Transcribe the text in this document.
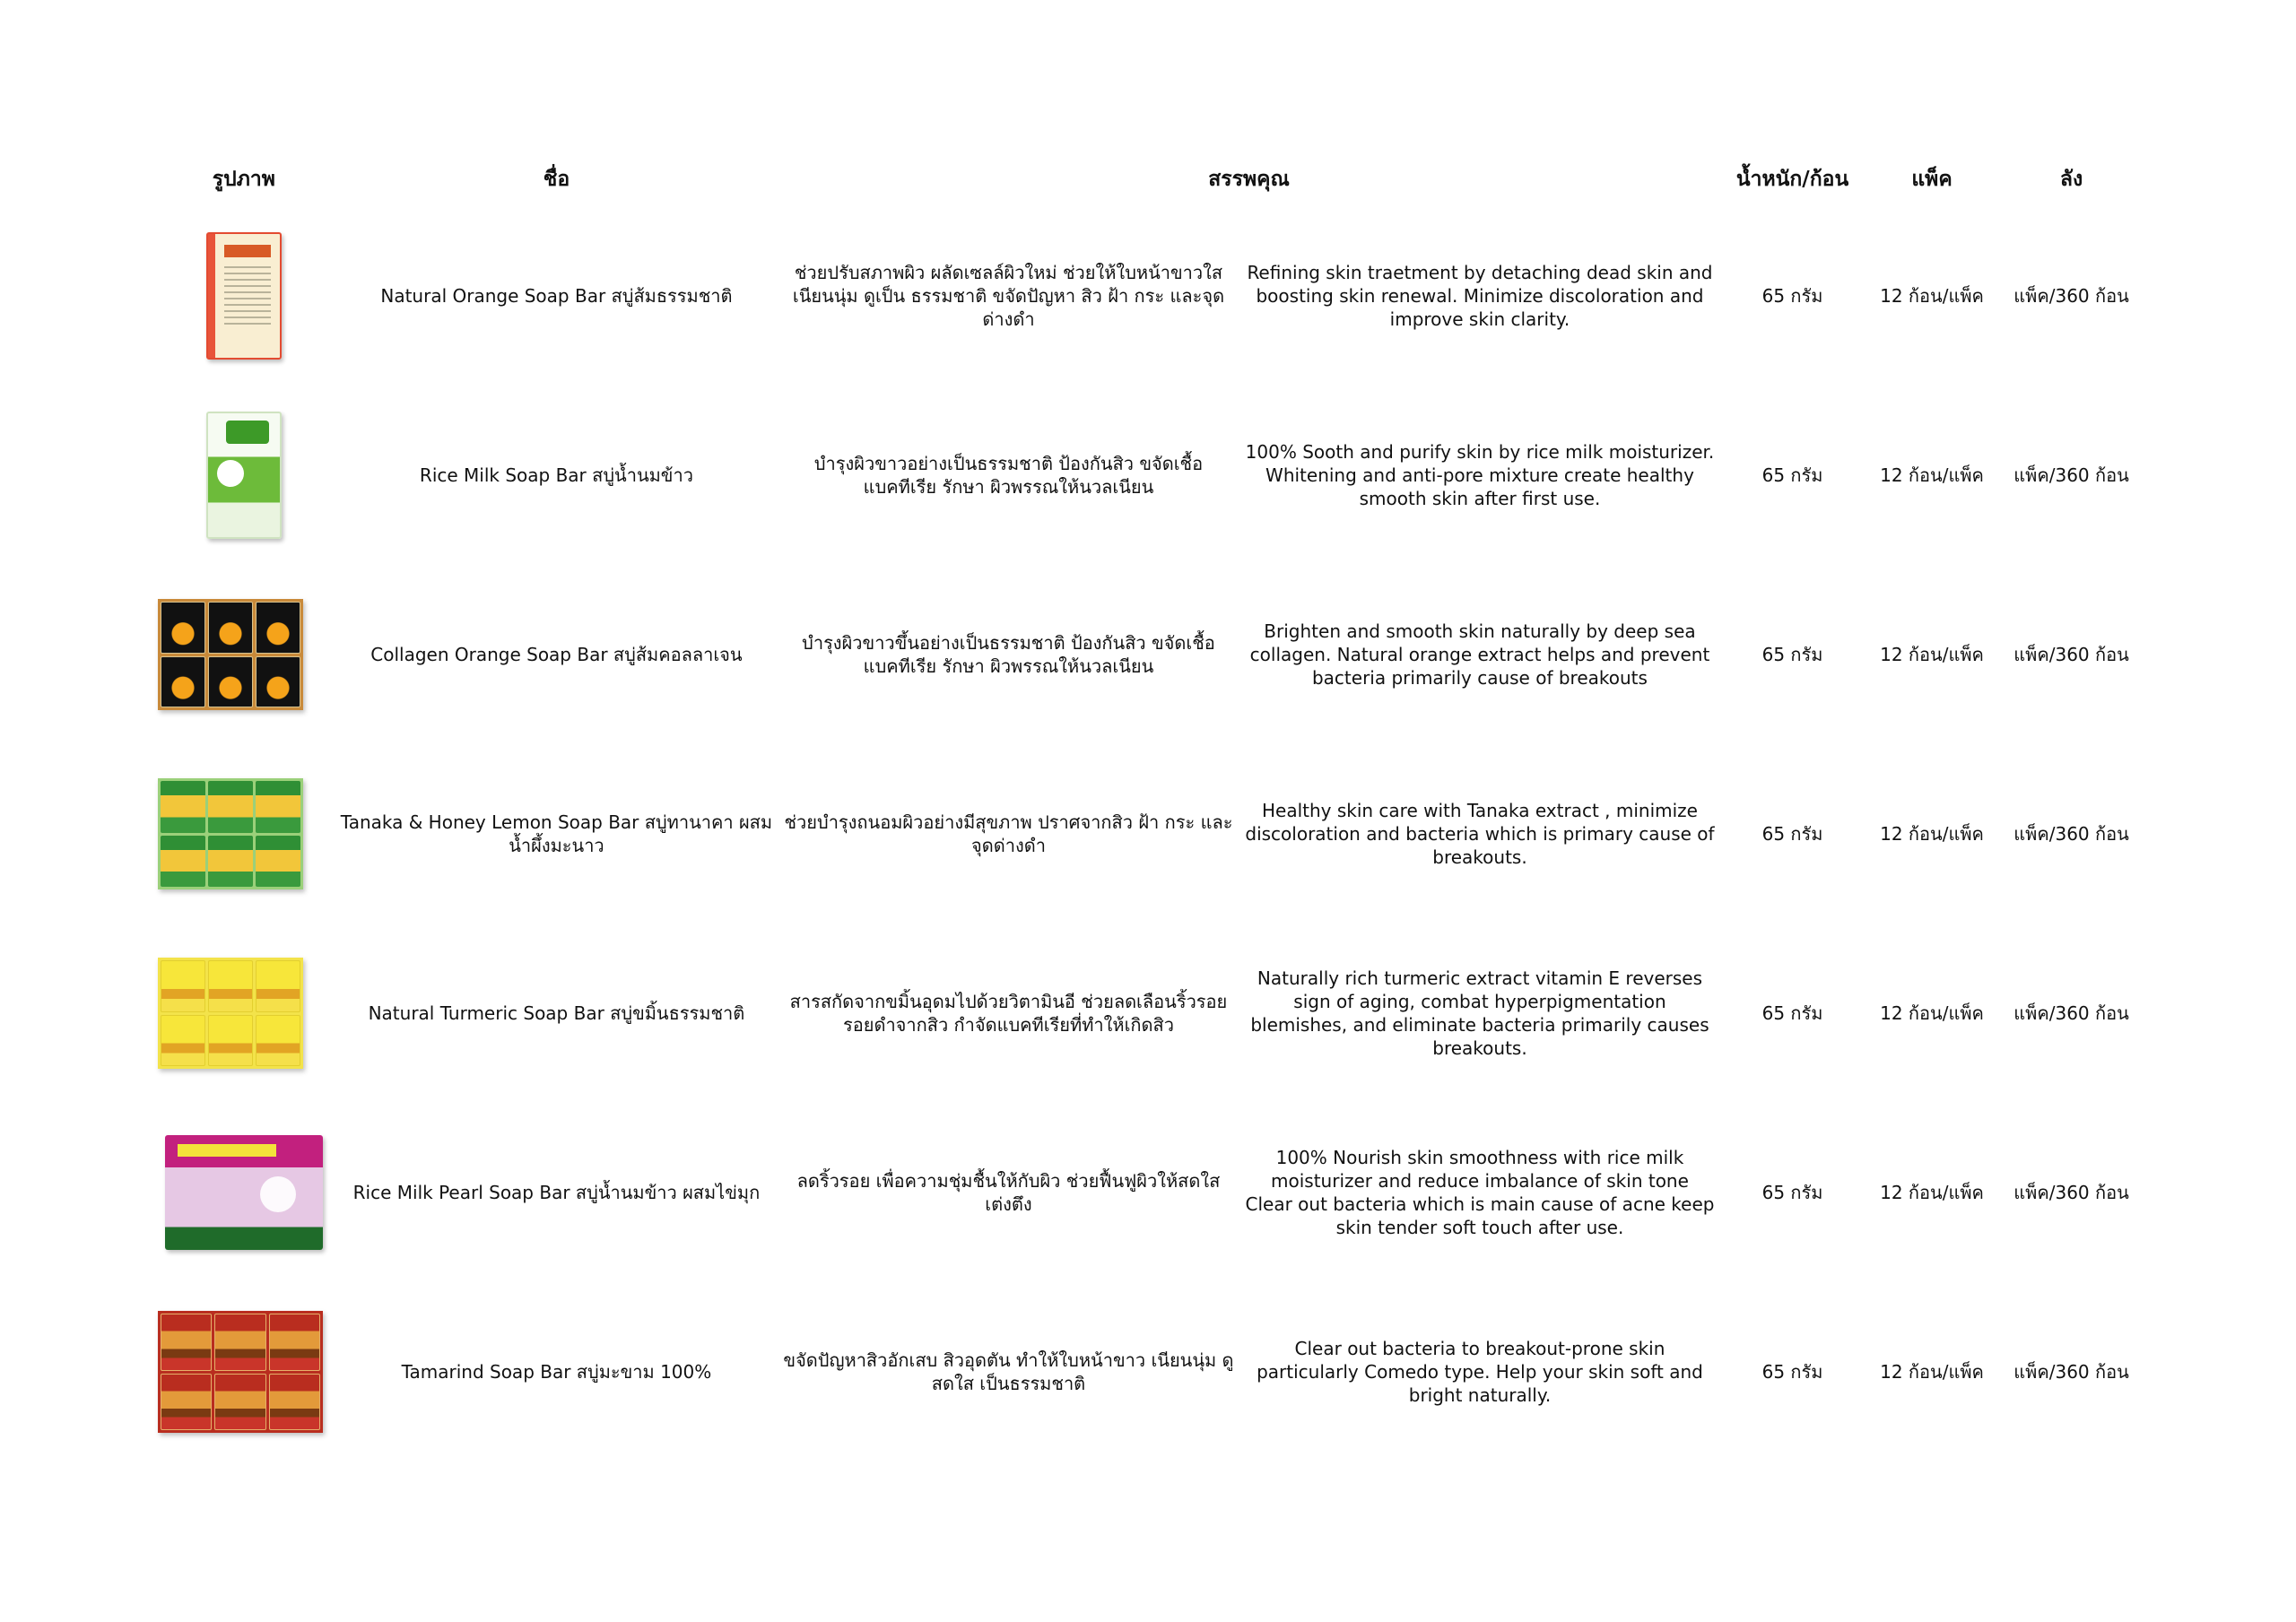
รูปภาพ	ชื่อ	สรรพคุณ		น้ำหนัก/ก้อน	แพ็ค	ลัง
	Natural Orange Soap Bar สบู่ส้มธรรมชาติ	ช่วยปรับสภาพผิว ผลัดเซลล์ผิวใหม่ ช่วยให้ใบหน้าขาวใสเนียนนุ่ม ดูเป็น ธรรมชาติ ขจัดปัญหา สิว ฝ้า กระ และจุดด่างดำ	Refining skin traetment by detaching dead skin and boosting skin renewal. Minimize discoloration and improve skin clarity.	65 กรัม	12 ก้อน/แพ็ค	แพ็ค/360 ก้อน
	Rice Milk Soap Bar สบู่น้ำนมข้าว	บำรุงผิวขาวอย่างเป็นธรรมชาติ ป้องกันสิว ขจัดเชื้อแบคทีเรีย รักษา ผิวพรรณให้นวลเนียน	100% Sooth and purify skin by rice milk moisturizer. Whitening and anti-pore mixture create healthy smooth skin after first use.	65 กรัม	12 ก้อน/แพ็ค	แพ็ค/360 ก้อน

	Collagen Orange Soap Bar สบู่ส้มคอลลาเจน	บำรุงผิวขาวขึ้นอย่างเป็นธรรมชาติ ป้องกันสิว ขจัดเชื้อแบคทีเรีย รักษา ผิวพรรณให้นวลเนียน	Brighten and smooth skin naturally by deep sea collagen. Natural orange extract helps and prevent bacteria primarily cause of breakouts	65 กรัม	12 ก้อน/แพ็ค	แพ็ค/360 ก้อน

	Tanaka & Honey Lemon Soap Bar สบู่ทานาคา ผสมน้ำผึ้งมะนาว	ช่วยบำรุงถนอมผิวอย่างมีสุขภาพ ปราศจากสิว ฝ้า กระ และจุดด่างดำ	Healthy skin care with Tanaka extract , minimize discoloration and bacteria which is primary cause of breakouts.	65 กรัม	12 ก้อน/แพ็ค	แพ็ค/360 ก้อน

	Natural Turmeric Soap Bar สบู่ขมิ้นธรรมชาติ	สารสกัดจากขมิ้นอุดมไปด้วยวิตามินอี ช่วยลดเลือนริ้วรอย รอยดำจากสิว กำจัดแบคทีเรียที่ทำให้เกิดสิว	Naturally rich turmeric extract vitamin E reverses sign of aging, combat hyperpigmentation blemishes, and eliminate bacteria primarily causes breakouts.	65 กรัม	12 ก้อน/แพ็ค	แพ็ค/360 ก้อน
	Rice Milk Pearl Soap Bar สบู่น้ำนมข้าว ผสมไข่มุก	ลดริ้วรอย เพื่อความชุ่มชื้นให้กับผิว ช่วยฟื้นฟูผิวให้สดใส เต่งตึง	100% Nourish skin smoothness with rice milk moisturizer and reduce imbalance of skin tone Clear out bacteria which is main cause of acne keep skin tender soft touch after use.	65 กรัม	12 ก้อน/แพ็ค	แพ็ค/360 ก้อน

	Tamarind Soap Bar สบู่มะขาม 100%	ขจัดปัญหาสิวอักเสบ สิวอุดตัน ทำให้ใบหน้าขาว เนียนนุ่ม ดูสดใส เป็นธรรมชาติ	Clear out bacteria to breakout-prone skin particularly Comedo type. Help your skin soft and bright naturally.	65 กรัม	12 ก้อน/แพ็ค	แพ็ค/360 ก้อน
